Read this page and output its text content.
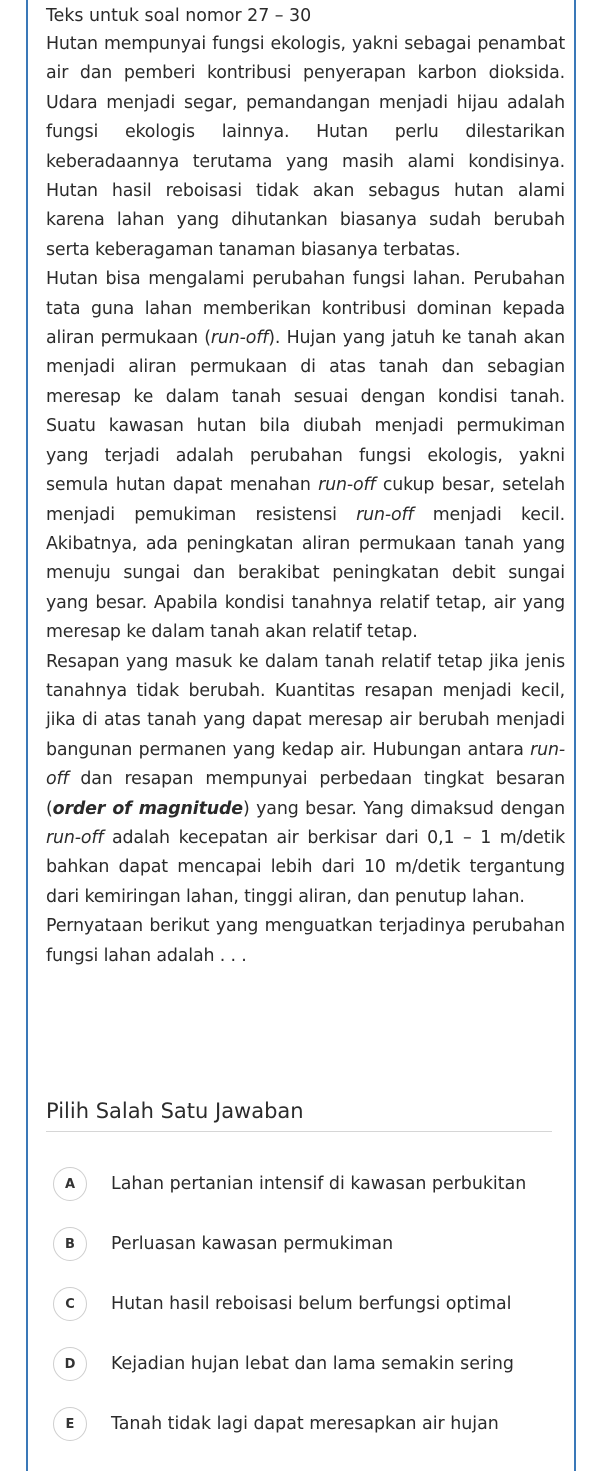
Teks untuk soal nomor 27 – 30

Hutan mempunyai fungsi ekologis, yakni sebagai penambat air dan pemberi kontribusi penyerapan karbon dioksida. Udara menjadi segar, pemandangan menjadi hijau adalah fungsi ekologis lainnya. Hutan perlu dilestarikan keberadaannya terutama yang masih alami kondisinya. Hutan hasil reboisasi tidak akan sebagus hutan alami karena lahan yang dihutankan biasanya sudah berubah serta keberagaman tanaman biasanya terbatas.

Hutan bisa mengalami perubahan fungsi lahan. Perubahan tata guna lahan memberikan kontribusi dominan kepada aliran permukaan (run-off). Hujan yang jatuh ke tanah akan menjadi aliran permukaan di atas tanah dan sebagian meresap ke dalam tanah sesuai dengan kondisi tanah. Suatu kawasan hutan bila diubah menjadi permukiman yang terjadi adalah perubahan fungsi ekologis, yakni semula hutan dapat menahan run-off cukup besar, setelah menjadi pemukiman resistensi run-off menjadi kecil. Akibatnya, ada peningkatan aliran permukaan tanah yang menuju sungai dan berakibat peningkatan debit sungai yang besar. Apabila kondisi tanahnya relatif tetap, air yang meresap ke dalam tanah akan relatif tetap.

Resapan yang masuk ke dalam tanah relatif tetap jika jenis tanahnya tidak berubah. Kuantitas resapan menjadi kecil, jika di atas tanah yang dapat meresap air berubah menjadi bangunan permanen yang kedap air. Hubungan antara run-off dan resapan mempunyai perbedaan tingkat besaran (order of magnitude) yang besar. Yang dimaksud dengan run-off adalah kecepatan air berkisar dari 0,1 – 1 m/detik bahkan dapat mencapai lebih dari 10 m/detik tergantung dari kemiringan lahan, tinggi aliran, dan penutup lahan.

Pernyataan berikut yang menguatkan terjadinya perubahan fungsi lahan adalah . . .

Pilih Salah Satu Jawaban

A	Lahan pertanian intensif di kawasan perbukitan
B	Perluasan kawasan permukiman
C	Hutan hasil reboisasi belum berfungsi optimal
D	Kejadian hujan lebat dan lama semakin sering
E	Tanah tidak lagi dapat meresapkan air hujan
